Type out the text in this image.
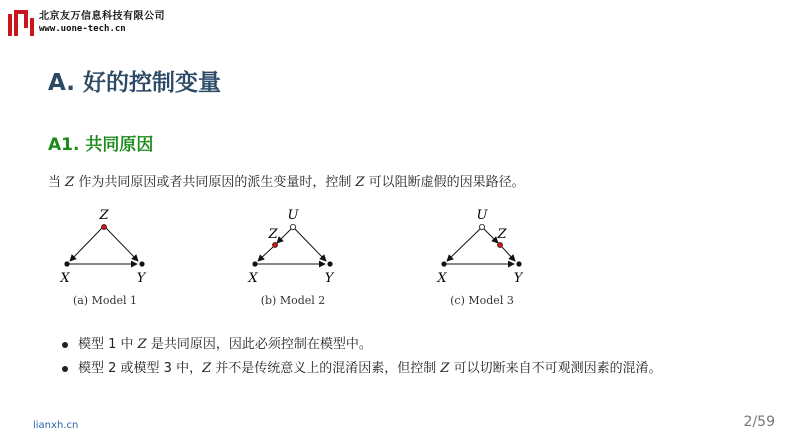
北京友万信息科技有限公司
www.uone-tech.cn
A. 好的控制变量
A1. 共同原因
当 Z 作为共同原因或者共同原因的派生变量时，控制 Z 可以阻断虚假的因果路径。
Z
X	Y
(a) Model 1
U
Z
X	Y
(b) Model 2
U
Z
X	Y
(c) Model 3
模型 1 中 Z 是共同原因，因此必须控制在模型中。
模型 2 或模型 3 中，Z 并不是传统意义上的混淆因素，但控制 Z 可以切断来自不可观测因素的混淆。
lianxh.cn	2/59
